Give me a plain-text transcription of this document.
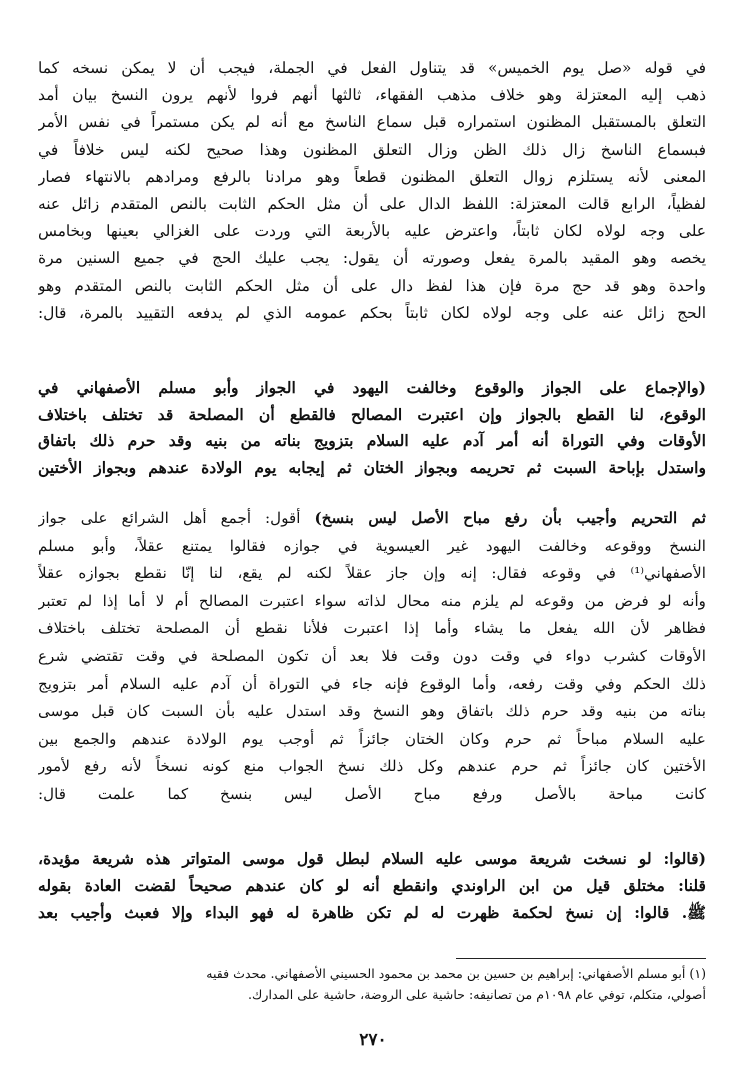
في قوله «صل يوم الخميس» قد يتناول الفعل في الجملة، فيجب أن لا يمكن نسخه كما
ذهب إليه المعتزلة وهو خلاف مذهب الفقهاء، ثالثها أنهم فروا لأنهم يرون النسخ بيان أمد
التعلق بالمستقبل المظنون استمراره قبل سماع الناسخ مع أنه لم يكن مستمراً في نفس الأمر
فبسماع الناسخ زال ذلك الظن وزال التعلق المظنون وهذا صحيح لكنه ليس خلافاً في
المعنى لأنه يستلزم زوال التعلق المظنون قطعاً وهو مرادنا بالرفع ومرادهم بالانتهاء فصار
لفظياً، الرابع قالت المعتزلة: اللفظ الدال على أن مثل الحكم الثابت بالنص المتقدم زائل عنه
على وجه لولاه لكان ثابتاً، واعترض عليه بالأربعة التي وردت على الغزالي بعينها وبخامس
يخصه وهو المقيد بالمرة يفعل وصورته أن يقول: يجب عليك الحج في جميع السنين مرة
واحدة وهو قد حج مرة فإن هذا لفظ دال على أن مثل الحكم الثابت بالنص المتقدم وهو
الحج زائل عنه على وجه لولاه لكان ثابتاً بحكم عمومه الذي لم يدفعه التقييد بالمرة، قال:
(والإجماع على الجواز والوقوع وخالفت اليهود في الجواز وأبو مسلم الأصفهاني في
الوقوع، لنا القطع بالجواز وإن اعتبرت المصالح فالقطع أن المصلحة قد تختلف باختلاف
الأوقات وفي التوراة أنه أمر آدم عليه السلام بتزويج بناته من بنيه وقد حرم ذلك باتفاق
واستدل بإباحة السبت ثم تحريمه وبجواز الختان ثم إيجابه يوم الولادة عندهم وبجواز الأختين
ثم التحريم وأجيب بأن رفع مباح الأصل ليس بنسخ) أقول: أجمع أهل الشرائع على جواز
النسخ ووقوعه وخالفت اليهود غير العيسوية في جوازه فقالوا يمتنع عقلاً، وأبو مسلم
الأصفهاني⁽¹⁾ في وقوعه فقال: إنه وإن جاز عقلاً لكنه لم يقع، لنا إنّا نقطع بجوازه عقلاً
وأنه لو فرض من وقوعه لم يلزم منه محال لذاته سواء اعتبرت المصالح أم لا أما إذا لم تعتبر
فظاهر لأن الله يفعل ما يشاء وأما إذا اعتبرت فلأنا نقطع أن المصلحة تختلف باختلاف
الأوقات كشرب دواء في وقت دون وقت فلا بعد أن تكون المصلحة في وقت تقتضي شرع
ذلك الحكم وفي وقت رفعه، وأما الوقوع فإنه جاء في التوراة أن آدم عليه السلام أمر بتزويج
بناته من بنيه وقد حرم ذلك باتفاق وهو النسخ وقد استدل عليه بأن السبت كان قبل موسى
عليه السلام مباحاً ثم حرم وكان الختان جائزاً ثم أوجب يوم الولادة عندهم والجمع بين
الأختين كان جائزاً ثم حرم عندهم وكل ذلك نسخ الجواب منع كونه نسخاً لأنه رفع لأمور
كانت مباحة بالأصل ورفع مباح الأصل ليس بنسخ كما علمت قال:
(قالوا: لو نسخت شريعة موسى عليه السلام لبطل قول موسى المتواتر هذه شريعة مؤيدة،
قلنا: مختلق قيل من ابن الراوندي وانقطع أنه لو كان عندهم صحيحاً لقضت العادة بقوله
ﷺ. قالوا: إن نسخ لحكمة ظهرت له لم تكن ظاهرة له فهو البداء وإلا فعبث وأجيب بعد
(١) أبو مسلم الأصفهاني: إبراهيم بن حسين بن محمد بن محمود الحسيني الأصفهاني. محدث فقيه
أصولي، متكلم، توفي عام ١٠٩٨م من تصانيفه: حاشية على الروضة، حاشية على المدارك.
٢٧٠
